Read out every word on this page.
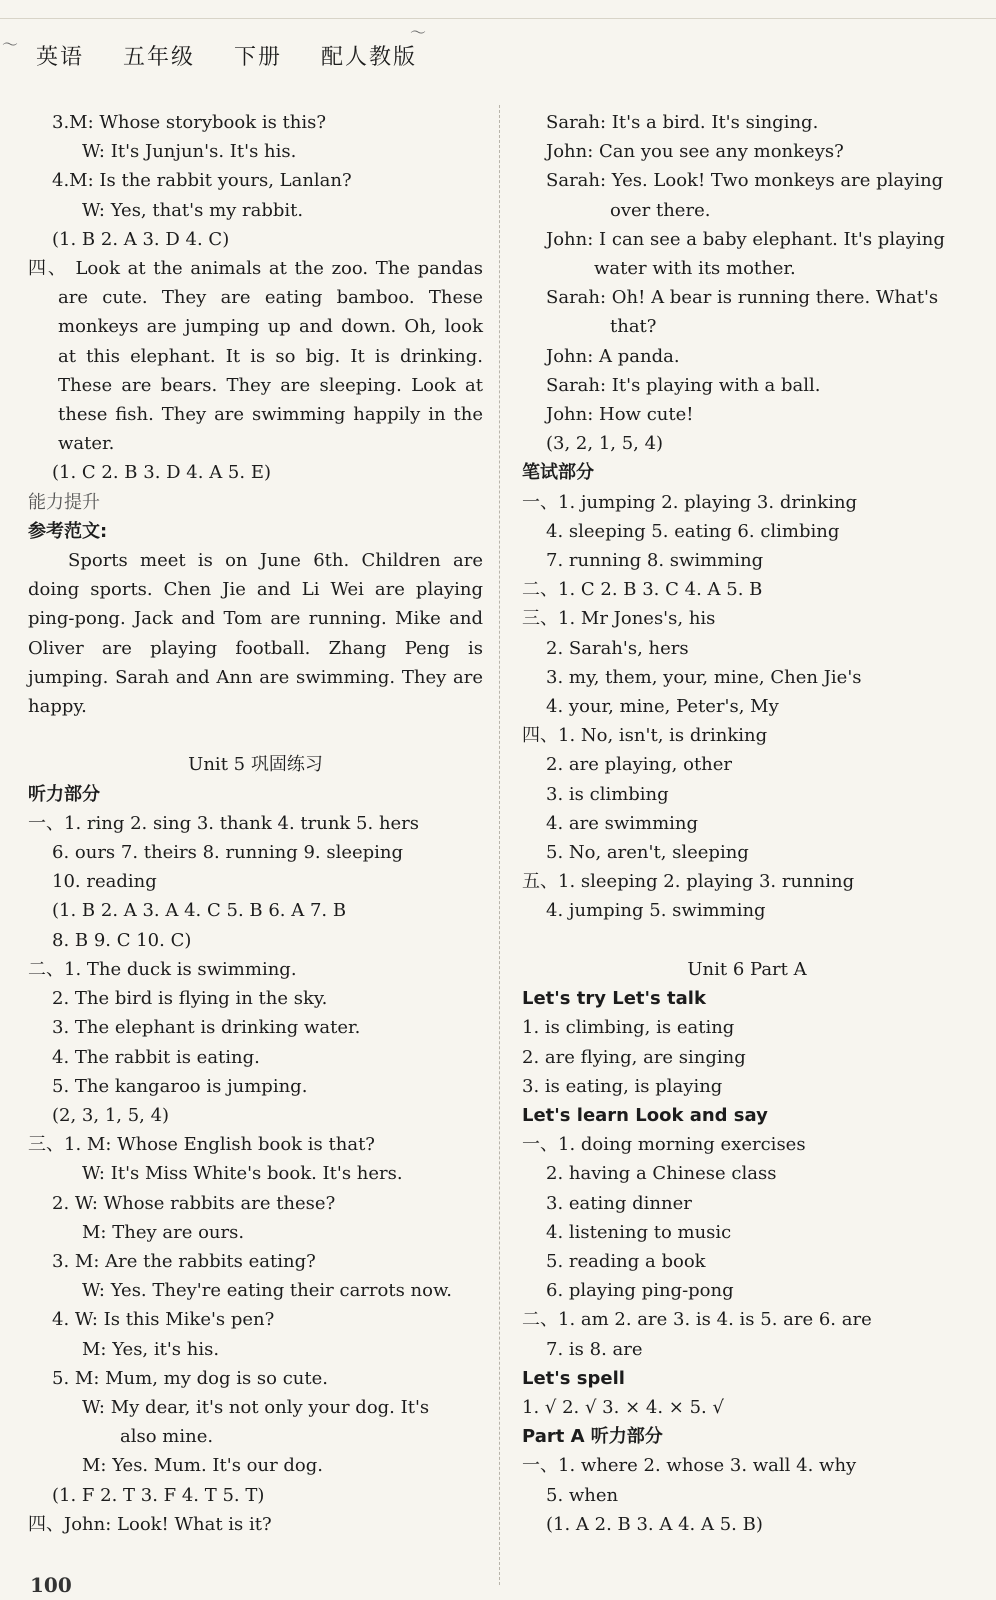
〜
〜
英语 五年级 下册 配人教版
3.M: Whose storybook is this?
W: It's Junjun's. It's his.
4.M: Is the rabbit yours, Lanlan?
W: Yes, that's my rabbit.
(1. B 2. A 3. D 4. C)
四、 Look at the animals at the zoo. The pandas
are cute. They are eating bamboo. These
monkeys are jumping up and down. Oh, look
at this elephant. It is so big. It is drinking.
These are bears. They are sleeping. Look at
these fish. They are swimming happily in the
water.
(1. C 2. B 3. D 4. A 5. E)
能力提升
参考范文:
Sports meet is on June 6th. Children are
doing sports. Chen Jie and Li Wei are playing
ping-pong. Jack and Tom are running. Mike and
Oliver are playing football. Zhang Peng is
jumping. Sarah and Ann are swimming. They are
happy.

Unit 5 巩固练习
听力部分
一、1. ring 2. sing 3. thank 4. trunk 5. hers
6. ours 7. theirs 8. running 9. sleeping
10. reading
(1. B 2. A 3. A 4. C 5. B 6. A 7. B
8. B 9. C 10. C)
二、1. The duck is swimming.
2. The bird is flying in the sky.
3. The elephant is drinking water.
4. The rabbit is eating.
5. The kangaroo is jumping.
(2, 3, 1, 5, 4)
三、1. M: Whose English book is that?
W: It's Miss White's book. It's hers.
2. W: Whose rabbits are these?
M: They are ours.
3. M: Are the rabbits eating?
W: Yes. They're eating their carrots now.
4. W: Is this Mike's pen?
M: Yes, it's his.
5. M: Mum, my dog is so cute.
W: My dear, it's not only your dog. It's
also mine.
M: Yes. Mum. It's our dog.
(1. F 2. T 3. F 4. T 5. T)
四、John: Look! What is it?
Sarah: It's a bird. It's singing.
John: Can you see any monkeys?
Sarah: Yes. Look! Two monkeys are playing
over there.
John: I can see a baby elephant. It's playing
water with its mother.
Sarah: Oh! A bear is running there. What's
that?
John: A panda.
Sarah: It's playing with a ball.
John: How cute!
(3, 2, 1, 5, 4)
笔试部分
一、1. jumping 2. playing 3. drinking
4. sleeping 5. eating 6. climbing
7. running 8. swimming
二、1. C 2. B 3. C 4. A 5. B
三、1. Mr Jones's, his
2. Sarah's, hers
3. my, them, your, mine, Chen Jie's
4. your, mine, Peter's, My
四、1. No, isn't, is drinking
2. are playing, other
3. is climbing
4. are swimming
5. No, aren't, sleeping
五、1. sleeping 2. playing 3. running
4. jumping 5. swimming

Unit 6 Part A
Let's try Let's talk
1. is climbing, is eating
2. are flying, are singing
3. is eating, is playing
Let's learn Look and say
一、1. doing morning exercises
2. having a Chinese class
3. eating dinner
4. listening to music
5. reading a book
6. playing ping-pong
二、1. am 2. are 3. is 4. is 5. are 6. are
7. is 8. are
Let's spell
1. √ 2. √ 3. × 4. × 5. √
Part A 听力部分
一、1. where 2. whose 3. wall 4. why
5. when
(1. A 2. B 3. A 4. A 5. B)
100
